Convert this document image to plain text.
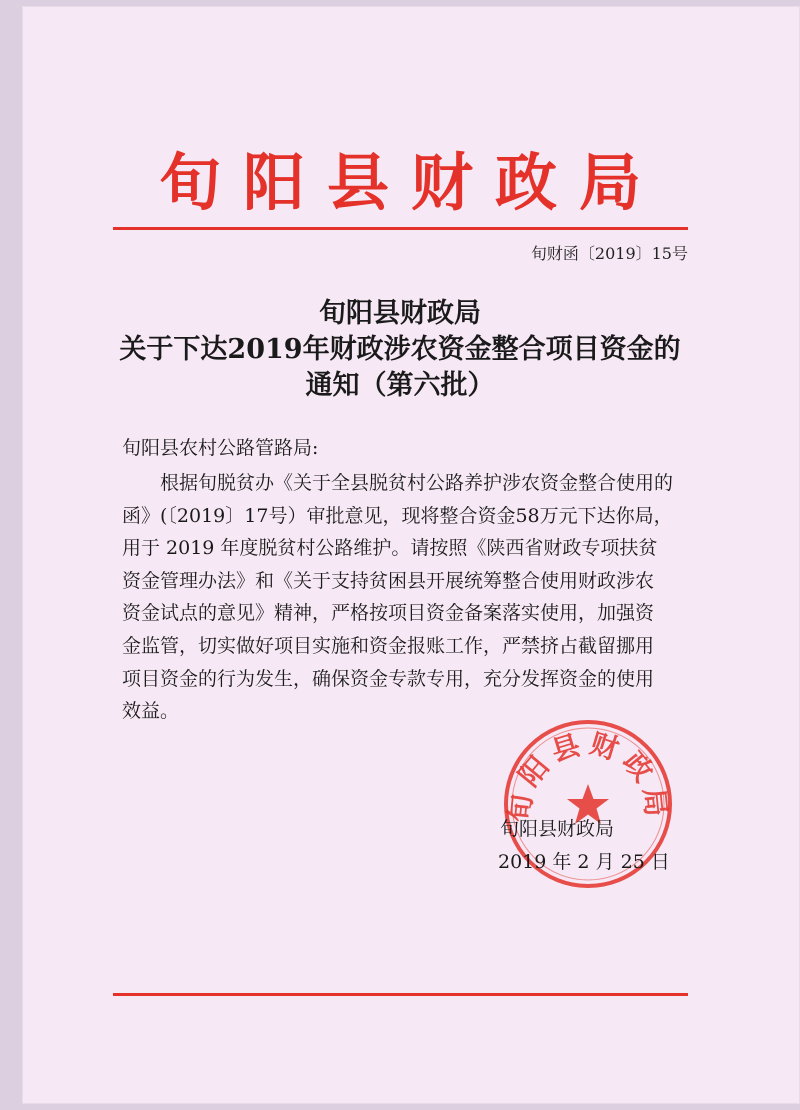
旬阳县财政局
旬财函〔2019〕15号
旬阳县财政局
关于下达2019年财政涉农资金整合项目资金的
通知（第六批）
旬阳县农村公路管路局:
　　根据旬脱贫办《关于全县脱贫村公路养护涉农资金整合使用的
函》(〔2019〕17号）审批意见，现将整合资金58万元下达你局，
用于 2019 年度脱贫村公路维护。请按照《陕西省财政专项扶贫
资金管理办法》和《关于支持贫困县开展统筹整合使用财政涉农
资金试点的意见》精神，严格按项目资金备案落实使用，加强资
金监管，切实做好项目实施和资金报账工作，严禁挤占截留挪用
项目资金的行为发生，确保资金专款专用，充分发挥资金的使用
效益。
旬阳县财政局
旬阳县财政局
2019 年 2 月 25 日
